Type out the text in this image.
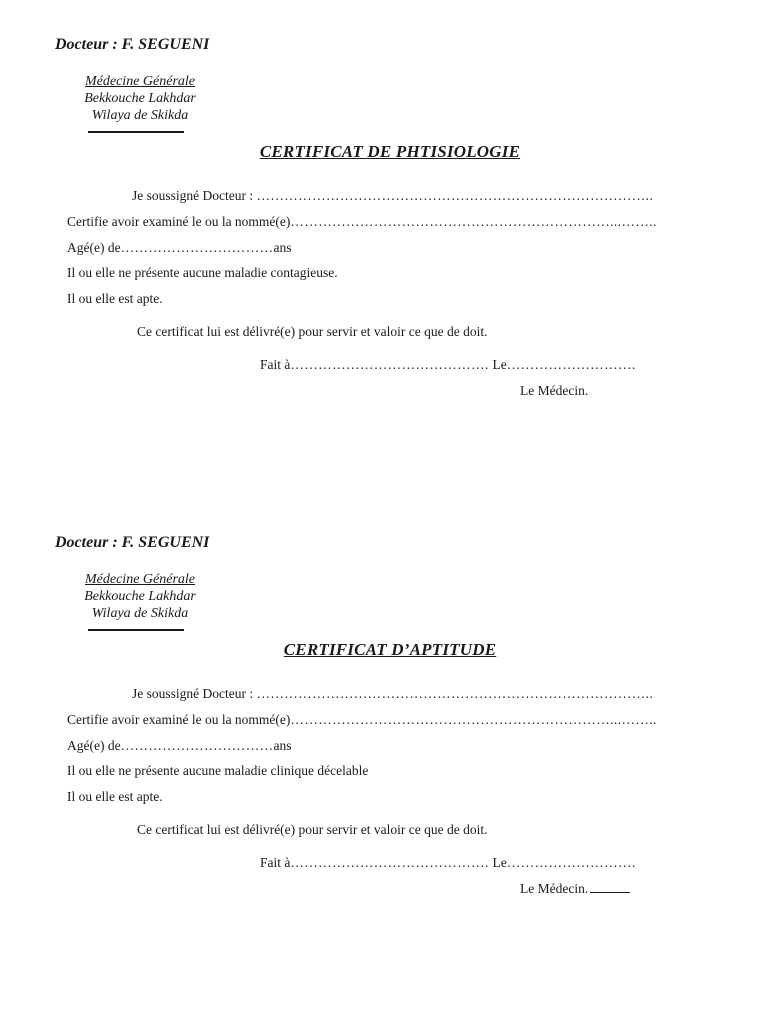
Docteur : F. SEGUENI
Médecine Générale
Bekkouche Lakhdar
Wilaya de Skikda
CERTIFICAT DE PHTISIOLOGIE
Je soussigné Docteur : …………………………………………………………………………..
Certifie avoir examiné le ou la nommé(e)……………………………………………………………...……..
Agé(e) de……………………………ans
Il ou elle ne présente aucune maladie contagieuse.
Il ou elle est apte.
Ce certificat lui est délivré(e) pour servir et valoir ce que de doit.
Fait à……………………………………. Le……………………….
Le Médecin.
Docteur : F. SEGUENI
Médecine Générale
Bekkouche Lakhdar
Wilaya de Skikda
CERTIFICAT D’APTITUDE
Je soussigné Docteur : …………………………………………………………………………..
Certifie avoir examiné le ou la nommé(e)……………………………………………………………...……..
Agé(e) de……………………………ans
Il ou elle ne présente aucune maladie clinique décelable
Il ou elle est apte.
Ce certificat lui est délivré(e) pour servir et valoir ce que de doit.
Fait à……………………………………. Le……………………….
Le Médecin.
